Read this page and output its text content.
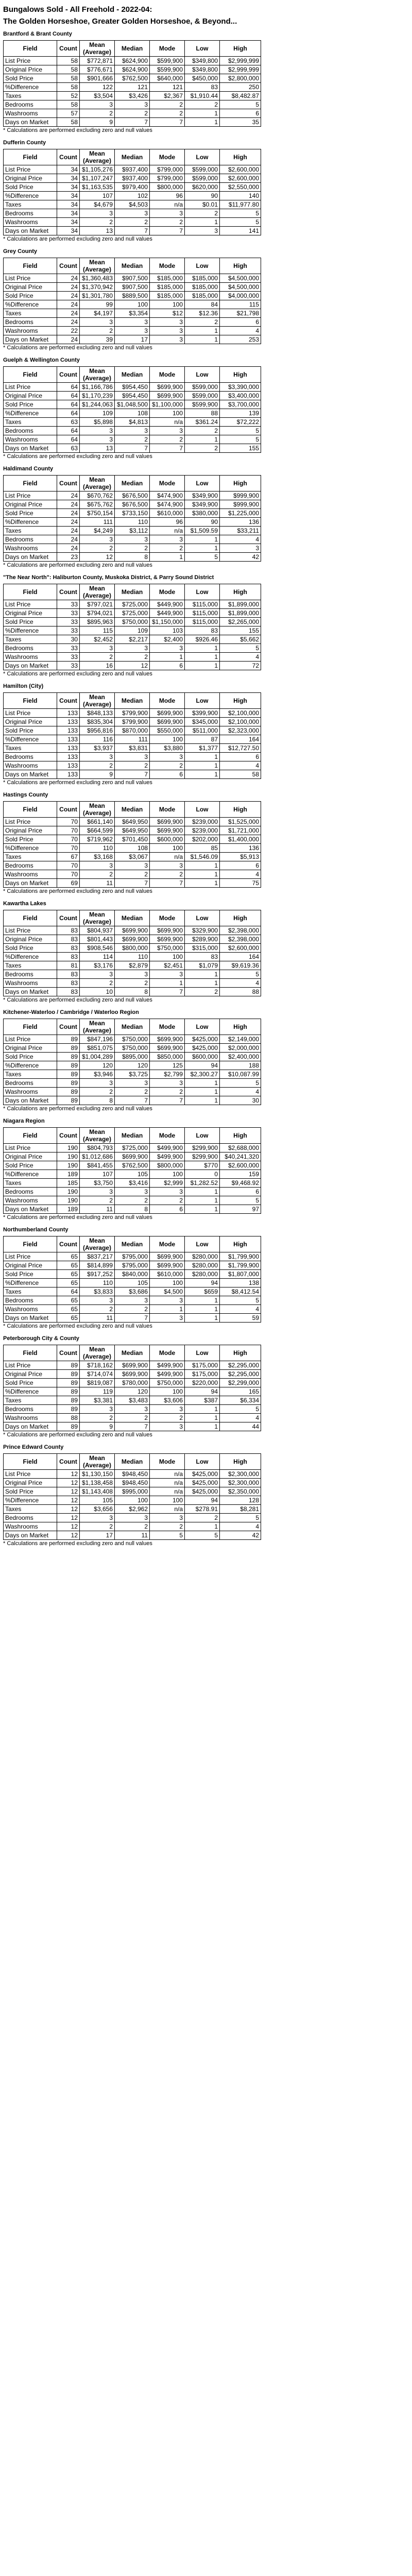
Bungalows Sold - All Freehold - 2022-04:
The Golden Horseshoe, Greater Golden Horseshoe, & Beyond...
Brantford & Brant County
Field	Count	Mean (Average)	Median	Mode	Low	High
List Price	58	$772,871	$624,900	$599,900	$349,800	$2,999,999
Original Price	58	$776,671	$624,900	$599,900	$349,800	$2,999,999
Sold Price	58	$901,666	$762,500	$640,000	$450,000	$2,800,000
%Difference	58	122	121	121	83	250
Taxes	52	$3,504	$3,426	$2,367	$1,910.44	$8,482.87
Bedrooms	58	3	3	2	2	5
Washrooms	57	2	2	2	1	6
Days on Market	58	9	7	7	1	35
* Calculations are performed excluding zero and null values
Dufferin County
Field	Count	Mean (Average)	Median	Mode	Low	High
List Price	34	$1,105,276	$937,400	$799,000	$599,000	$2,600,000
Original Price	34	$1,107,247	$937,400	$799,000	$599,000	$2,600,000
Sold Price	34	$1,163,535	$979,400	$800,000	$620,000	$2,550,000
%Difference	34	107	102	96	90	140
Taxes	34	$4,679	$4,503	n/a	$0.01	$11,977.80
Bedrooms	34	3	3	3	2	5
Washrooms	34	2	2	2	1	5
Days on Market	34	13	7	7	3	141
* Calculations are performed excluding zero and null values
Grey County
Field	Count	Mean (Average)	Median	Mode	Low	High
List Price	24	$1,360,483	$907,500	$185,000	$185,000	$4,500,000
Original Price	24	$1,370,942	$907,500	$185,000	$185,000	$4,500,000
Sold Price	24	$1,301,780	$889,500	$185,000	$185,000	$4,000,000
%Difference	24	99	100	100	84	115
Taxes	24	$4,197	$3,354	$12	$12.36	$21,798
Bedrooms	24	3	3	3	2	6
Washrooms	22	2	3	3	1	4
Days on Market	24	39	17	3	1	253
* Calculations are performed excluding zero and null values
Guelph & Wellington County
Field	Count	Mean (Average)	Median	Mode	Low	High
List Price	64	$1,166,786	$954,450	$699,900	$599,000	$3,390,000
Original Price	64	$1,170,239	$954,450	$699,900	$599,000	$3,400,000
Sold Price	64	$1,244,063	$1,048,500	$1,100,000	$599,900	$3,700,000
%Difference	64	109	108	100	88	139
Taxes	63	$5,898	$4,813	n/a	$361.24	$72,222
Bedrooms	64	3	3	3	2	5
Washrooms	64	3	2	2	1	5
Days on Market	63	13	7	7	2	155
* Calculations are performed excluding zero and null values
Haldimand County
Field	Count	Mean (Average)	Median	Mode	Low	High
List Price	24	$670,762	$676,500	$474,900	$349,900	$999,900
Original Price	24	$675,762	$676,500	$474,900	$349,900	$999,900
Sold Price	24	$750,154	$733,150	$610,000	$380,000	$1,225,000
%Difference	24	111	110	96	90	136
Taxes	24	$4,249	$3,112	n/a	$1,509.59	$33,211
Bedrooms	24	3	3	3	1	4
Washrooms	24	2	2	2	1	3
Days on Market	23	12	8	1	5	42
* Calculations are performed excluding zero and null values
"The Near North": Haliburton County, Muskoka District, & Parry Sound District
Field	Count	Mean (Average)	Median	Mode	Low	High
List Price	33	$797,021	$725,000	$449,900	$115,000	$1,899,000
Original Price	33	$794,021	$725,000	$449,900	$115,000	$1,899,000
Sold Price	33	$895,963	$750,000	$1,150,000	$115,000	$2,265,000
%Difference	33	115	109	103	83	155
Taxes	30	$2,452	$2,217	$2,400	$926.46	$5,662
Bedrooms	33	3	3	3	1	5
Washrooms	33	2	2	1	1	4
Days on Market	33	16	12	6	1	72
* Calculations are performed excluding zero and null values
Hamilton (City)
Field	Count	Mean (Average)	Median	Mode	Low	High
List Price	133	$848,133	$799,900	$699,900	$399,900	$2,100,000
Original Price	133	$835,304	$799,900	$699,900	$345,000	$2,100,000
Sold Price	133	$956,816	$870,000	$550,000	$511,000	$2,323,000
%Difference	133	116	111	100	87	164
Taxes	133	$3,937	$3,831	$3,880	$1,377	$12,727.50
Bedrooms	133	3	3	3	1	6
Washrooms	133	2	2	2	1	4
Days on Market	133	9	7	6	1	58
* Calculations are performed excluding zero and null values
Hastings County
Field	Count	Mean (Average)	Median	Mode	Low	High
List Price	70	$661,140	$649,950	$699,900	$239,000	$1,525,000
Original Price	70	$664,599	$649,950	$699,900	$239,000	$1,721,000
Sold Price	70	$719,962	$701,450	$600,000	$202,000	$1,400,000
%Difference	70	110	108	100	85	136
Taxes	67	$3,168	$3,067	n/a	$1,546.09	$5,913
Bedrooms	70	3	3	3	1	6
Washrooms	70	2	2	2	1	4
Days on Market	69	11	7	7	1	75
* Calculations are performed excluding zero and null values
Kawartha Lakes
Field	Count	Mean (Average)	Median	Mode	Low	High
List Price	83	$804,937	$699,900	$699,900	$329,900	$2,398,000
Original Price	83	$801,443	$699,900	$699,900	$289,900	$2,398,000
Sold Price	83	$908,546	$800,000	$750,000	$315,000	$2,600,000
%Difference	83	114	110	100	83	164
Taxes	81	$3,176	$2,879	$2,451	$1,079	$9,619.36
Bedrooms	83	3	3	3	1	5
Washrooms	83	2	2	1	1	4
Days on Market	83	10	8	7	2	88
* Calculations are performed excluding zero and null values
Kitchener-Waterloo / Cambridge / Waterloo Region
Field	Count	Mean (Average)	Median	Mode	Low	High
List Price	89	$847,196	$750,000	$699,900	$425,000	$2,149,000
Original Price	89	$851,075	$750,000	$699,900	$425,000	$2,000,000
Sold Price	89	$1,004,289	$895,000	$850,000	$600,000	$2,400,000
%Difference	89	120	120	125	94	188
Taxes	89	$3,946	$3,725	$2,799	$2,300.27	$10,087.99
Bedrooms	89	3	3	3	1	5
Washrooms	89	2	2	2	1	4
Days on Market	89	8	7	7	1	30
* Calculations are performed excluding zero and null values
Niagara Region
Field	Count	Mean (Average)	Median	Mode	Low	High
List Price	190	$804,793	$725,000	$499,900	$299,900	$2,688,000
Original Price	190	$1,012,686	$699,900	$499,900	$299,900	$40,241,320
Sold Price	190	$841,455	$762,500	$800,000	$770	$2,600,000
%Difference	189	107	105	100	0	159
Taxes	185	$3,750	$3,416	$2,999	$1,282.52	$9,468.92
Bedrooms	190	3	3	3	1	6
Washrooms	190	2	2	2	1	5
Days on Market	189	11	8	6	1	97
* Calculations are performed excluding zero and null values
Northumberland County
Field	Count	Mean (Average)	Median	Mode	Low	High
List Price	65	$837,217	$795,000	$699,900	$280,000	$1,799,900
Original Price	65	$814,899	$795,000	$699,900	$280,000	$1,799,900
Sold Price	65	$917,252	$840,000	$610,000	$280,000	$1,807,000
%Difference	65	110	105	100	94	138
Taxes	64	$3,833	$3,686	$4,500	$659	$8,412.54
Bedrooms	65	3	3	3	1	5
Washrooms	65	2	2	1	1	4
Days on Market	65	11	7	3	1	59
* Calculations are performed excluding zero and null values
Peterborough City & County
Field	Count	Mean (Average)	Median	Mode	Low	High
List Price	89	$718,162	$699,900	$499,900	$175,000	$2,295,000
Original Price	89	$714,074	$699,900	$499,900	$175,000	$2,295,000
Sold Price	89	$819,087	$780,000	$750,000	$220,000	$2,299,000
%Difference	89	119	120	100	94	165
Taxes	89	$3,381	$3,483	$3,606	$387	$6,334
Bedrooms	89	3	3	3	1	5
Washrooms	88	2	2	2	1	4
Days on Market	89	9	7	3	1	44
* Calculations are performed excluding zero and null values
Prince Edward County
Field	Count	Mean (Average)	Median	Mode	Low	High
List Price	12	$1,130,150	$948,450	n/a	$425,000	$2,300,000
Original Price	12	$1,138,458	$948,450	n/a	$425,000	$2,300,000
Sold Price	12	$1,143,408	$995,000	n/a	$425,000	$2,350,000
%Difference	12	105	100	100	94	128
Taxes	12	$3,656	$2,962	n/a	$278.91	$8,281
Bedrooms	12	3	3	3	2	5
Washrooms	12	2	2	2	1	4
Days on Market	12	17	11	5	5	42
* Calculations are performed excluding zero and null values
